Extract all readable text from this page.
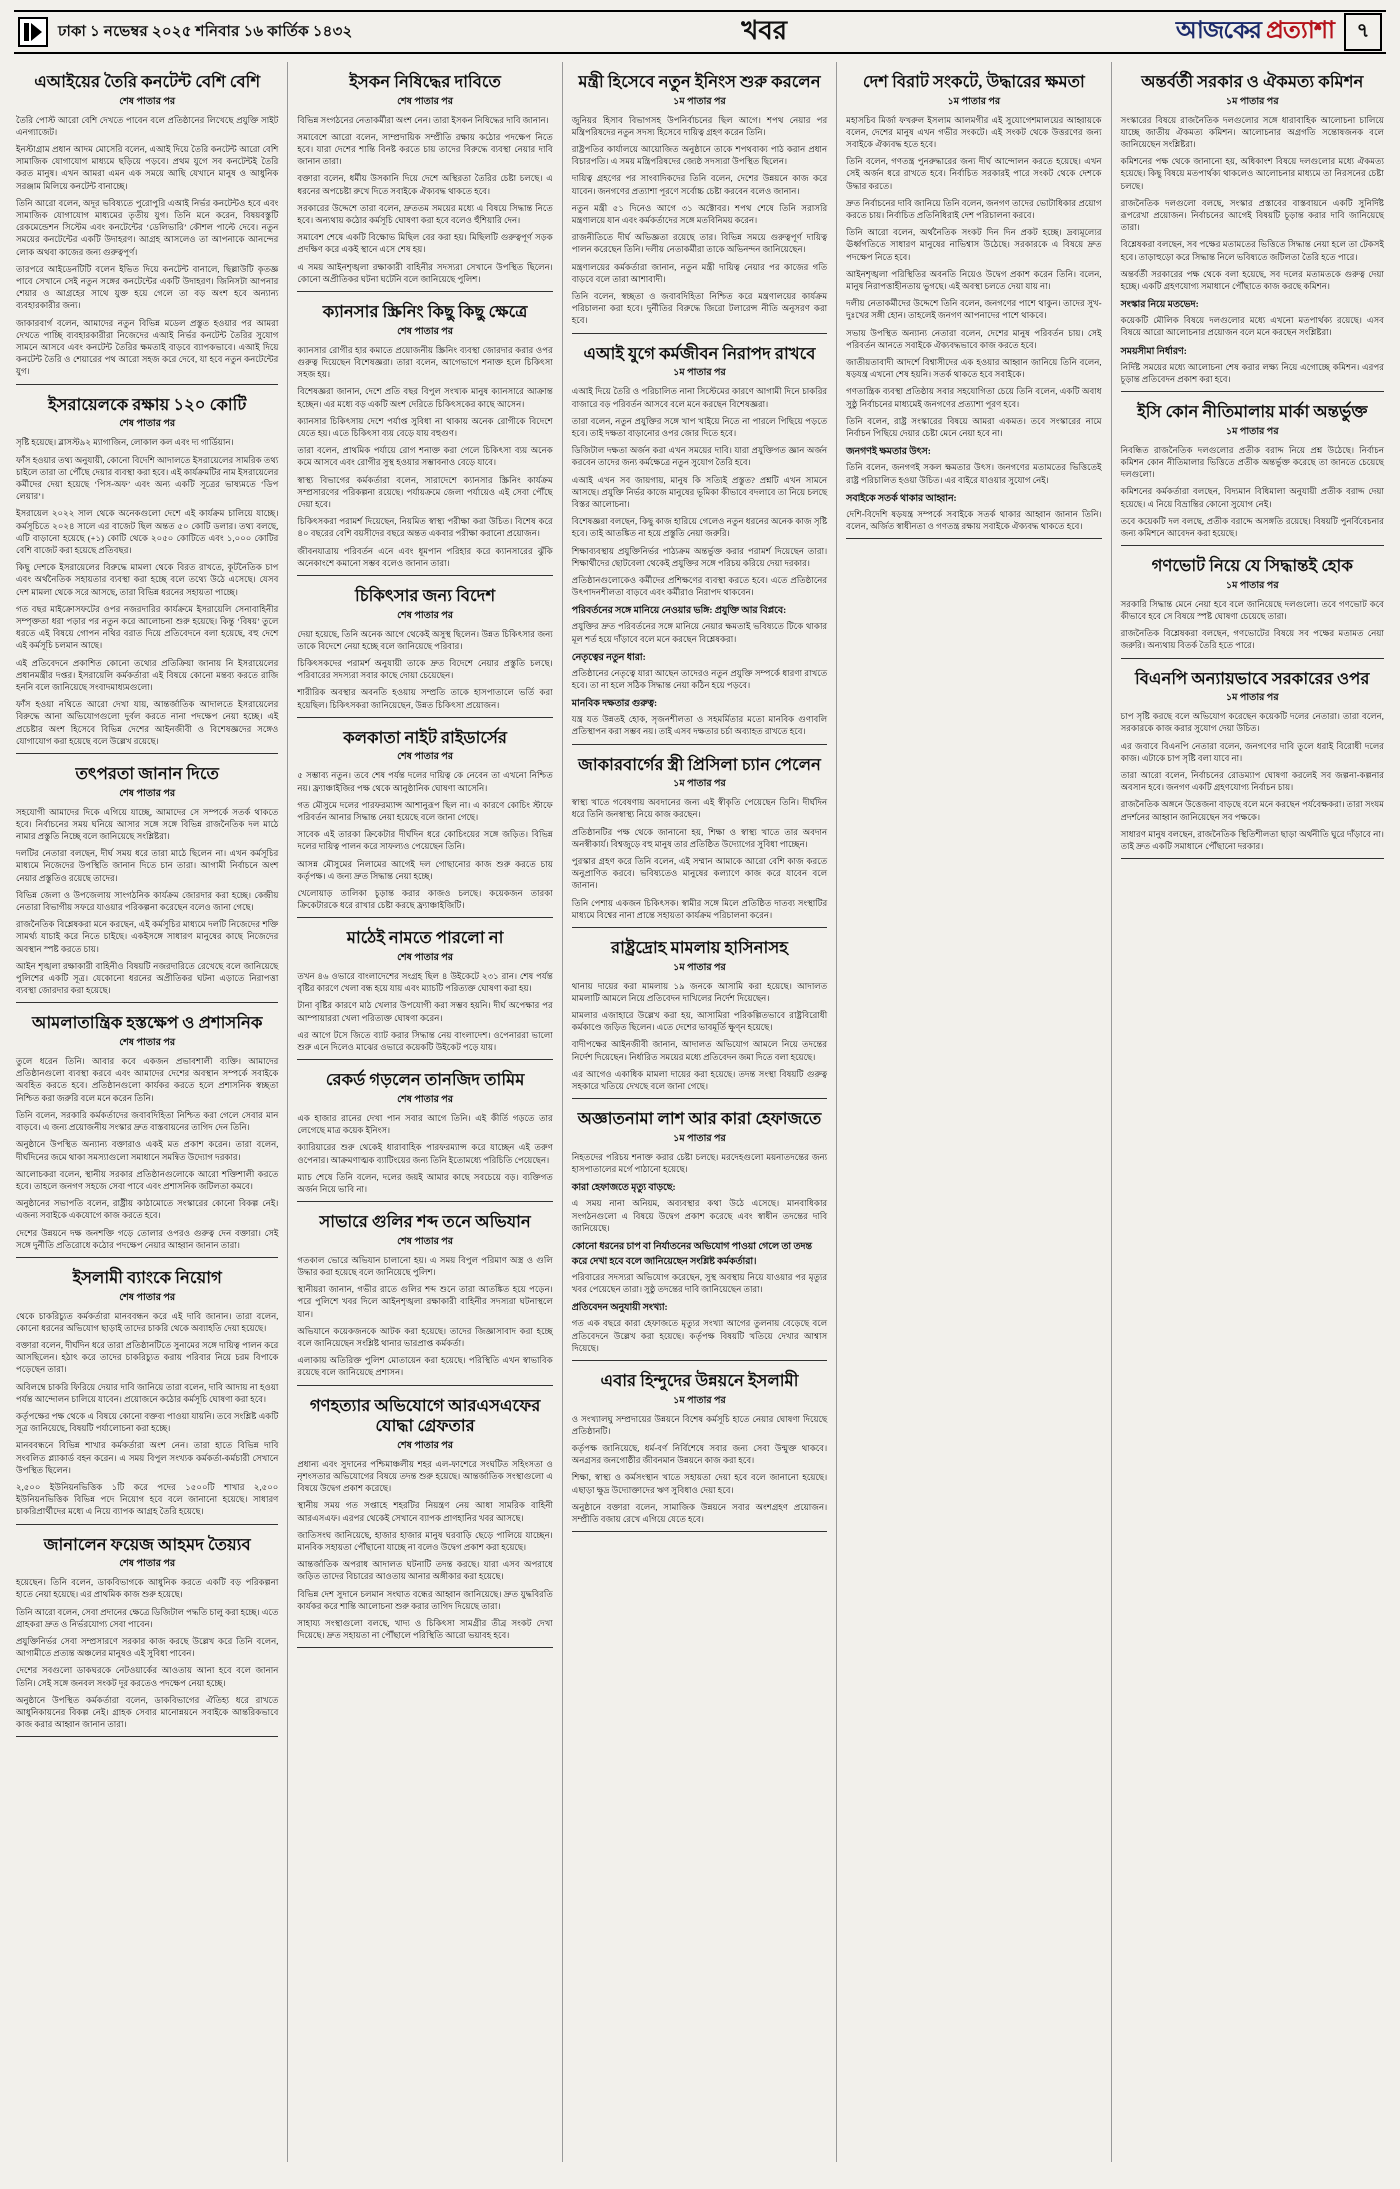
ঢাকা ১ নভেম্বর ২০২৫ শনিবার ১৬ কার্তিক ১৪৩২	খবর	আজকের প্রত্যাশা	৭
এআইয়ের তৈরি কনটেন্ট বেশি বেশি
শেষ পাতার পর

তৈরি পোস্ট আরো বেশি দেখতে পাবেন বলে প্রতিষ্ঠানের লিখেছে প্রযুক্তি সাইট এনগ্যাজেট।

ইনস্টাগ্রাম প্রধান আদম মোসেরি বলেন, এআই দিয়ে তৈরি কনটেন্ট আরো বেশি সামাজিক যোগাযোগ মাধ্যমে ছড়িয়ে পড়বে। প্রথম যুগে সব কনটেন্টই তৈরি করত মানুষ। এখন আমরা এমন এক সময়ে আছি যেখানে মানুষ ও আধুনিক সরঞ্জাম মিলিয়ে কনটেন্ট বানাচ্ছে।

তিনি আরো বলেন, অদূর ভবিষ্যতে পুরোপুরি এআই নির্ভর কনটেন্টও হবে এবং সামাজিক যোগাযোগ মাধ্যমের তৃতীয় যুগ। তিনি মনে করেন, বিষয়বস্তুটি রেকমেন্ডেশন সিস্টেম এবং কনটেন্টের ‘ডেলিভারি’ কৌশল পাল্টে দেবে। নতুন সময়ের কনটেন্টের একটি উদাহরণ। আগ্রহ আসলেও তা আপনাকে আনন্দের লোক অথবা কাজের জন্য গুরুত্বপূর্ণ।

তারপরে আইডেনটিটি বলেন ইভিত দিয়ে কনটেন্ট বানালে, ছিল্লাউটি কৃতজ্ঞ পাবে সেখানে সেই নতুন সঙ্গের কনটেন্টের একটি উদাহরণ। জিনিসটা আপনার শেয়ার ও আগ্রহের সাথে যুক্ত হয়ে গেলে তা বড় অংশ হবে অন্যান্য ব্যবহারকারীর জন্য।

জাকারবার্গ বলেন, আমাদের নতুন বিভিন্ন মডেল প্রস্তুত হওয়ার পর আমরা দেখতে পাচ্ছি ব্যবহারকারীরা নিজেদের এআই নির্ভর কনটেন্ট তৈরির সুযোগ সামনে আসবে এবং কনটেন্ট তৈরির ক্ষমতাই বাড়বে ব্যাপকভাবে। এআই দিয়ে কনটেন্ট তৈরি ও শেয়ারের পথ আরো সহজ করে দেবে, যা হবে নতুন কনটেন্টের যুগ।

ইসরায়েলকে রক্ষায় ১২০ কোটি
শেষ পাতার পর

সৃষ্টি হয়েছে। ব্লাসস্ট৯২ ম্যাগাজিন, লোকাল কল এবং দ্য গার্ডিয়ান।

ফাঁস হওয়ার তথ্য অনুযায়ী, কোনো বিদেশি আদালতে ইসরায়েলের সামরিক তথ্য চাইলে তারা তা পৌঁছে দেয়ার ব্যবস্থা করা হবে। এই কার্যক্রমটির নাম ইসরায়েলের কর্মীদের দেয়া হয়েছে ‘পিস-অফ’ এবং অন্য একটি সূত্রের ভাষ্যমতে ‘ডিপ লেয়ার’।

ইসরায়েল ২০২২ সাল থেকে অনেকগুলো দেশে এই কার্যক্রম চালিয়ে যাচ্ছে। কর্মসূচিতে ২০২৪ সালে এর বাজেট ছিল অন্তত ৫০ কোটি ডলার। তথ্য বলছে, এটি বাড়ানো হয়েছে (+১) কোটি থেকে ২০৫০ কোটিতে এবং ১,০০০ কোটির বেশি বাজেট করা হয়েছে প্রতিবছর।

কিছু দেশকে ইসরায়েলের বিরুদ্ধে মামলা থেকে বিরত রাখতে, কূটনৈতিক চাপ এবং অর্থনৈতিক সহায়তার ব্যবস্থা করা হচ্ছে বলে তথ্যে উঠে এসেছে। যেসব দেশ মামলা থেকে সরে আসছে, তারা বিভিন্ন ধরনের সহায়তা পাচ্ছে।

গত বছর মাইক্রোসফটের ওপর নজরদারির কার্যক্রমে ইসরায়েলি সেনাবাহিনীর সম্পৃক্ততা ধরা পড়ার পর নতুন করে আলোচনা শুরু হয়েছে। কিন্তু ‘বিষয়’ তুলে ধরতে এই বিষয়ে গোপন নথির বরাত দিয়ে প্রতিবেদনে বলা হয়েছে, বহু দেশে এই কর্মসূচি চলমান আছে।

এই প্রতিবেদনে প্রকাশিত কোনো তথ্যের প্রতিক্রিয়া জানায় নি ইসরায়েলের প্রধানমন্ত্রীর দপ্তর। ইসরায়েলি কর্মকর্তারা এই বিষয়ে কোনো মন্তব্য করতে রাজি হননি বলে জানিয়েছে সংবাদমাধ্যমগুলো।

ফাঁস হওয়া নথিতে আরো দেখা যায়, আন্তর্জাতিক আদালতে ইসরায়েলের বিরুদ্ধে আনা অভিযোগগুলো দুর্বল করতে নানা পদক্ষেপ নেয়া হচ্ছে। এই প্রচেষ্টার অংশ হিসেবে বিভিন্ন দেশের আইনজীবী ও বিশেষজ্ঞদের সঙ্গেও যোগাযোগ করা হয়েছে বলে উল্লেখ রয়েছে।

তৎপরতা জানান দিতে
শেষ পাতার পর

সহযোগী আমাদের দিকে এগিয়ে যাচ্ছে, আমাদের সে সম্পর্কে সতর্ক থাকতে হবে। নির্বাচনের সময় ঘনিয়ে আসার সঙ্গে সঙ্গে বিভিন্ন রাজনৈতিক দল মাঠে নামার প্রস্তুতি নিচ্ছে বলে জানিয়েছে সংশ্লিষ্টরা।

দলটির নেতারা বলছেন, দীর্ঘ সময় ধরে তারা মাঠে ছিলেন না। এখন কর্মসূচির মাধ্যমে নিজেদের উপস্থিতি জানান দিতে চান তারা। আগামী নির্বাচনে অংশ নেয়ার প্রস্তুতিও রয়েছে তাদের।

বিভিন্ন জেলা ও উপজেলায় সাংগঠনিক কার্যক্রম জোরদার করা হচ্ছে। কেন্দ্রীয় নেতারা বিভাগীয় সফরে যাওয়ার পরিকল্পনা করেছেন বলেও জানা গেছে।

রাজনৈতিক বিশ্লেষকরা মনে করছেন, এই কর্মসূচির মাধ্যমে দলটি নিজেদের শক্তি সামর্থ্য যাচাই করে নিতে চাইছে। একইসঙ্গে সাধারণ মানুষের কাছে নিজেদের অবস্থান স্পষ্ট করতে চায়।

আইন শৃঙ্খলা রক্ষাকারী বাহিনীও বিষয়টি নজরদারিতে রেখেছে বলে জানিয়েছে পুলিশের একটি সূত্র। যেকোনো ধরনের অপ্রীতিকর ঘটনা এড়াতে নিরাপত্তা ব্যবস্থা জোরদার করা হয়েছে।

আমলাতান্ত্রিক হস্তক্ষেপ ও প্রশাসনিক
শেষ পাতার পর

তুলে ধরেন তিনি। আবার কবে একজন প্রভাবশালী ব্যক্তি। আমাদের প্রতিষ্ঠানগুলো ব্যবস্থা করবে এবং আমাদের দেশের অবস্থান সম্পর্কে সবাইকে অবহিত করতে হবে। প্রতিষ্ঠানগুলো কার্যকর করতে হলে প্রশাসনিক স্বচ্ছতা নিশ্চিত করা জরুরি বলে মনে করেন তিনি।

তিনি বলেন, সরকারি কর্মকর্তাদের জবাবদিহিতা নিশ্চিত করা গেলে সেবার মান বাড়বে। এ জন্য প্রয়োজনীয় সংস্কার দ্রুত বাস্তবায়নের তাগিদ দেন তিনি।

অনুষ্ঠানে উপস্থিত অন্যান্য বক্তারাও একই মত প্রকাশ করেন। তারা বলেন, দীর্ঘদিনের জমে থাকা সমস্যাগুলো সমাধানে সমন্বিত উদ্যোগ দরকার।

আলোচকরা বলেন, স্থানীয় সরকার প্রতিষ্ঠানগুলোকে আরো শক্তিশালী করতে হবে। তাহলে জনগণ সহজে সেবা পাবে এবং প্রশাসনিক জটিলতা কমবে।

অনুষ্ঠানের সভাপতি বলেন, রাষ্ট্রীয় কাঠামোতে সংস্কারের কোনো বিকল্প নেই। এজন্য সবাইকে একযোগে কাজ করতে হবে।

দেশের উন্নয়নে দক্ষ জনশক্তি গড়ে তোলার ওপরও গুরুত্ব দেন বক্তারা। সেই সঙ্গে দুর্নীতি প্রতিরোধে কঠোর পদক্ষেপ নেয়ার আহ্বান জানান তারা।

ইসলামী ব্যাংকে নিয়োগ
শেষ পাতার পর

থেকে চাকরিচ্যুত কর্মকর্তারা মানববন্ধন করে এই দাবি জানান। তারা বলেন, কোনো ধরনের অভিযোগ ছাড়াই তাদের চাকরি থেকে অব্যাহতি দেয়া হয়েছে।

বক্তারা বলেন, দীর্ঘদিন ধরে তারা প্রতিষ্ঠানটিতে সুনামের সঙ্গে দায়িত্ব পালন করে আসছিলেন। হঠাৎ করে তাদের চাকরিচ্যুত করায় পরিবার নিয়ে চরম বিপাকে পড়েছেন তারা।

অবিলম্বে চাকরি ফিরিয়ে দেয়ার দাবি জানিয়ে তারা বলেন, দাবি আদায় না হওয়া পর্যন্ত আন্দোলন চালিয়ে যাবেন। প্রয়োজনে কঠোর কর্মসূচি ঘোষণা করা হবে।

কর্তৃপক্ষের পক্ষ থেকে এ বিষয়ে কোনো বক্তব্য পাওয়া যায়নি। তবে সংশ্লিষ্ট একটি সূত্র জানিয়েছে, বিষয়টি পর্যালোচনা করা হচ্ছে।

মানববন্ধনে বিভিন্ন শাখার কর্মকর্তারা অংশ নেন। তারা হাতে বিভিন্ন দাবি সংবলিত প্ল্যাকার্ড বহন করেন। এ সময় বিপুল সংখ্যক কর্মকর্তা-কর্মচারী সেখানে উপস্থিত ছিলেন।

২,৫০০ ইউনিয়নভিত্তিক ১টি করে পদের ১৫০০টি শাখার ২,৫০০ ইউনিয়নভিত্তিক বিভিন্ন পদে নিয়োগ হবে বলে জানানো হয়েছে। সাধারণ চাকরিপ্রার্থীদের মধ্যে এ নিয়ে ব্যাপক আগ্রহ তৈরি হয়েছে।

জানালেন ফয়েজ আহমদ তৈয়্যব
শেষ পাতার পর

হয়েছেন। তিনি বলেন, ডাকবিভাগকে আধুনিক করতে একটি বড় পরিকল্পনা হাতে নেয়া হয়েছে। এর প্রাথমিক কাজ শুরু হয়েছে।

তিনি আরো বলেন, সেবা প্রদানের ক্ষেত্রে ডিজিটাল পদ্ধতি চালু করা হচ্ছে। এতে গ্রাহকরা দ্রুত ও নির্ভরযোগ্য সেবা পাবেন।

প্রযুক্তিনির্ভর সেবা সম্প্রসারণে সরকার কাজ করছে উল্লেখ করে তিনি বলেন, আগামীতে প্রত্যন্ত অঞ্চলের মানুষও এই সুবিধা পাবেন।

দেশের সবগুলো ডাকঘরকে নেটওয়ার্কের আওতায় আনা হবে বলে জানান তিনি। সেই সঙ্গে জনবল সংকট দূর করতেও পদক্ষেপ নেয়া হচ্ছে।

অনুষ্ঠানে উপস্থিত কর্মকর্তারা বলেন, ডাকবিভাগের ঐতিহ্য ধরে রাখতে আধুনিকায়নের বিকল্প নেই। গ্রাহক সেবার মানোন্নয়নে সবাইকে আন্তরিকভাবে কাজ করার আহ্বান জানান তারা।

ইসকন নিষিদ্ধের দাবিতে
শেষ পাতার পর

বিভিন্ন সংগঠনের নেতাকর্মীরা অংশ নেন। তারা ইসকন নিষিদ্ধের দাবি জানান।

সমাবেশে আরো বলেন, সাম্প্রদায়িক সম্প্রীতি রক্ষায় কঠোর পদক্ষেপ নিতে হবে। যারা দেশের শান্তি বিনষ্ট করতে চায় তাদের বিরুদ্ধে ব্যবস্থা নেয়ার দাবি জানান তারা।

বক্তারা বলেন, ধর্মীয় উসকানি দিয়ে দেশে অস্থিরতা তৈরির চেষ্টা চলছে। এ ধরনের অপচেষ্টা রুখে দিতে সবাইকে ঐক্যবদ্ধ থাকতে হবে।

সরকারের উদ্দেশে তারা বলেন, দ্রুততম সময়ের মধ্যে এ বিষয়ে সিদ্ধান্ত নিতে হবে। অন্যথায় কঠোর কর্মসূচি ঘোষণা করা হবে বলেও হুঁশিয়ারি দেন।

সমাবেশ শেষে একটি বিক্ষোভ মিছিল বের করা হয়। মিছিলটি গুরুত্বপূর্ণ সড়ক প্রদক্ষিণ করে একই স্থানে এসে শেষ হয়।

এ সময় আইনশৃঙ্খলা রক্ষাকারী বাহিনীর সদস্যরা সেখানে উপস্থিত ছিলেন। কোনো অপ্রীতিকর ঘটনা ঘটেনি বলে জানিয়েছে পুলিশ।

ক্যানসার স্ক্রিনিং কিছু কিছু ক্ষেত্রে
শেষ পাতার পর

ক্যানসার রোগীর হার কমাতে প্রয়োজনীয় স্ক্রিনিং ব্যবস্থা জোরদার করার ওপর গুরুত্ব দিয়েছেন বিশেষজ্ঞরা। তারা বলেন, আগেভাগে শনাক্ত হলে চিকিৎসা সহজ হয়।

বিশেষজ্ঞরা জানান, দেশে প্রতি বছর বিপুল সংখ্যক মানুষ ক্যানসারে আক্রান্ত হচ্ছেন। এর মধ্যে বড় একটি অংশ দেরিতে চিকিৎসকের কাছে আসেন।

ক্যানসার চিকিৎসায় দেশে পর্যাপ্ত সুবিধা না থাকায় অনেক রোগীকে বিদেশে যেতে হয়। এতে চিকিৎসা ব্যয় বেড়ে যায় বহুগুণ।

তারা বলেন, প্রাথমিক পর্যায়ে রোগ শনাক্ত করা গেলে চিকিৎসা ব্যয় অনেক কমে আসবে এবং রোগীর সুস্থ হওয়ার সম্ভাবনাও বেড়ে যাবে।

স্বাস্থ্য বিভাগের কর্মকর্তারা বলেন, সারাদেশে ক্যানসার স্ক্রিনিং কার্যক্রম সম্প্রসারণের পরিকল্পনা রয়েছে। পর্যায়ক্রমে জেলা পর্যায়েও এই সেবা পৌঁছে দেয়া হবে।

চিকিৎসকরা পরামর্শ দিয়েছেন, নিয়মিত স্বাস্থ্য পরীক্ষা করা উচিত। বিশেষ করে ৪০ বছরের বেশি বয়সীদের বছরে অন্তত একবার পরীক্ষা করানো প্রয়োজন।

জীবনযাত্রায় পরিবর্তন এনে এবং ধূমপান পরিহার করে ক্যানসারের ঝুঁকি অনেকাংশে কমানো সম্ভব বলেও জানান তারা।

চিকিৎসার জন্য বিদেশ
শেষ পাতার পর

দেয়া হয়েছে, তিনি অনেক আগে থেকেই অসুস্থ ছিলেন। উন্নত চিকিৎসার জন্য তাকে বিদেশে নেয়া হচ্ছে বলে জানিয়েছে পরিবার।

চিকিৎসকদের পরামর্শ অনুযায়ী তাকে দ্রুত বিদেশে নেয়ার প্রস্তুতি চলছে। পরিবারের সদস্যরা সবার কাছে দোয়া চেয়েছেন।

শারীরিক অবস্থার অবনতি হওয়ায় সম্প্রতি তাকে হাসপাতালে ভর্তি করা হয়েছিল। চিকিৎসকরা জানিয়েছেন, উন্নত চিকিৎসা প্রয়োজন।

কলকাতা নাইট রাইডার্সের
শেষ পাতার পর

৫ সম্ভাব্য নতুন। তবে শেষ পর্যন্ত দলের দায়িত্ব কে নেবেন তা এখনো নিশ্চিত নয়। ফ্র্যাঞ্চাইজির পক্ষ থেকে আনুষ্ঠানিক ঘোষণা আসেনি।

গত মৌসুমে দলের পারফরম্যান্স আশানুরূপ ছিল না। এ কারণে কোচিং স্টাফে পরিবর্তন আনার সিদ্ধান্ত নেয়া হয়েছে বলে জানা গেছে।

সাবেক এই তারকা ক্রিকেটার দীর্ঘদিন ধরে কোচিংয়ের সঙ্গে জড়িত। বিভিন্ন দলের দায়িত্ব পালন করে সাফল্যও পেয়েছেন তিনি।

আসন্ন মৌসুমের নিলামের আগেই দল গোছানোর কাজ শুরু করতে চায় কর্তৃপক্ষ। এ জন্য দ্রুত সিদ্ধান্ত নেয়া হচ্ছে।

খেলোয়াড় তালিকা চূড়ান্ত করার কাজও চলছে। কয়েকজন তারকা ক্রিকেটারকে ধরে রাখার চেষ্টা করছে ফ্র্যাঞ্চাইজিটি।

মাঠেই নামতে পারলো না
শেষ পাতার পর

তখন ৪৬ ওভারে বাংলাদেশের সংগ্রহ ছিল ৪ উইকেটে ২৩১ রান। শেষ পর্যন্ত বৃষ্টির কারণে খেলা বন্ধ হয়ে যায় এবং ম্যাচটি পরিত্যক্ত ঘোষণা করা হয়।

টানা বৃষ্টির কারণে মাঠ খেলার উপযোগী করা সম্ভব হয়নি। দীর্ঘ অপেক্ষার পর আম্পায়াররা খেলা পরিত্যক্ত ঘোষণা করেন।

এর আগে টসে জিতে ব্যাট করার সিদ্ধান্ত নেয় বাংলাদেশ। ওপেনাররা ভালো শুরু এনে দিলেও মাঝের ওভারে কয়েকটি উইকেট পড়ে যায়।

রেকর্ড গড়লেন তানজিদ তামিম
শেষ পাতার পর

এক হাজার রানের দেখা পান সবার আগে তিনি। এই কীর্তি গড়তে তার লেগেছে মাত্র কয়েক ইনিংস।

ক্যারিয়ারের শুরু থেকেই ধারাবাহিক পারফরম্যান্স করে যাচ্ছেন এই তরুণ ওপেনার। আক্রমণাত্মক ব্যাটিংয়ের জন্য তিনি ইতোমধ্যে পরিচিতি পেয়েছেন।

ম্যাচ শেষে তিনি বলেন, দলের জয়ই আমার কাছে সবচেয়ে বড়। ব্যক্তিগত অর্জন নিয়ে ভাবি না।

সাভারে গুলির শব্দ তনে অভিযান
শেষ পাতার পর

গতকাল ভোরে অভিযান চালানো হয়। এ সময় বিপুল পরিমাণ অস্ত্র ও গুলি উদ্ধার করা হয়েছে বলে জানিয়েছে পুলিশ।

স্থানীয়রা জানান, গভীর রাতে গুলির শব্দ শুনে তারা আতঙ্কিত হয়ে পড়েন। পরে পুলিশে খবর দিলে আইনশৃঙ্খলা রক্ষাকারী বাহিনীর সদস্যরা ঘটনাস্থলে যান।

অভিযানে কয়েকজনকে আটক করা হয়েছে। তাদের জিজ্ঞাসাবাদ করা হচ্ছে বলে জানিয়েছেন সংশ্লিষ্ট থানার ভারপ্রাপ্ত কর্মকর্তা।

এলাকায় অতিরিক্ত পুলিশ মোতায়েন করা হয়েছে। পরিস্থিতি এখন স্বাভাবিক রয়েছে বলে জানিয়েছে প্রশাসন।

গণহত্যার অভিযোগে আরএসএফের যোদ্ধা গ্রেফতার
শেষ পাতার পর

প্রধান্য এবং সুদানের পশ্চিমাঞ্চলীয় শহর এল-ফাশেরে সংঘটিত সহিংসতা ও নৃশংসতার অভিযোগের বিষয়ে তদন্ত শুরু হয়েছে। আন্তর্জাতিক সংস্থাগুলো এ বিষয়ে উদ্বেগ প্রকাশ করেছে।

স্থানীয় সময় গত সপ্তাহে শহরটির নিয়ন্ত্রণ নেয় আধা সামরিক বাহিনী আরএসএফ। এরপর থেকেই সেখানে ব্যাপক প্রাণহানির খবর আসছে।

জাতিসংঘ জানিয়েছে, হাজার হাজার মানুষ ঘরবাড়ি ছেড়ে পালিয়ে যাচ্ছেন। মানবিক সহায়তা পৌঁছানো যাচ্ছে না বলেও উদ্বেগ প্রকাশ করা হয়েছে।

আন্তর্জাতিক অপরাধ আদালত ঘটনাটি তদন্ত করছে। যারা এসব অপরাধে জড়িত তাদের বিচারের আওতায় আনার অঙ্গীকার করা হয়েছে।

বিভিন্ন দেশ সুদানে চলমান সংঘাত বন্ধের আহ্বান জানিয়েছে। দ্রুত যুদ্ধবিরতি কার্যকর করে শান্তি আলোচনা শুরু করার তাগিদ দিয়েছে তারা।

সাহায্য সংস্থাগুলো বলছে, খাদ্য ও চিকিৎসা সামগ্রীর তীব্র সংকট দেখা দিয়েছে। দ্রুত সহায়তা না পৌঁছালে পরিস্থিতি আরো ভয়াবহ হবে।

মন্ত্রী হিসেবে নতুন ইনিংস শুরু করলেন
১ম পাতার পর

জুনিয়র হিসাব বিভাগসহ উপনির্বাচনের ছিল আগে। শপথ নেয়ার পর মন্ত্রিপরিষদের নতুন সদস্য হিসেবে দায়িত্ব গ্রহণ করেন তিনি।

রাষ্ট্রপতির কার্যালয়ে আয়োজিত অনুষ্ঠানে তাকে শপথবাক্য পাঠ করান প্রধান বিচারপতি। এ সময় মন্ত্রিপরিষদের জ্যেষ্ঠ সদস্যরা উপস্থিত ছিলেন।

দায়িত্ব গ্রহণের পর সাংবাদিকদের তিনি বলেন, দেশের উন্নয়নে কাজ করে যাবেন। জনগণের প্রত্যাশা পূরণে সর্বোচ্চ চেষ্টা করবেন বলেও জানান।

নতুন মন্ত্রী ৫১ দিনেও আগে ৩১ অক্টোবর। শপথ শেষে তিনি সরাসরি মন্ত্রণালয়ে যান এবং কর্মকর্তাদের সঙ্গে মতবিনিময় করেন।

রাজনীতিতে দীর্ঘ অভিজ্ঞতা রয়েছে তার। বিভিন্ন সময়ে গুরুত্বপূর্ণ দায়িত্ব পালন করেছেন তিনি। দলীয় নেতাকর্মীরা তাকে অভিনন্দন জানিয়েছেন।

মন্ত্রণালয়ের কর্মকর্তারা জানান, নতুন মন্ত্রী দায়িত্ব নেয়ার পর কাজের গতি বাড়বে বলে তারা আশাবাদী।

তিনি বলেন, স্বচ্ছতা ও জবাবদিহিতা নিশ্চিত করে মন্ত্রণালয়ের কার্যক্রম পরিচালনা করা হবে। দুর্নীতির বিরুদ্ধে জিরো টলারেন্স নীতি অনুসরণ করা হবে।

এআই যুগে কর্মজীবন নিরাপদ রাখবে
১ম পাতার পর

এআই দিয়ে তৈরি ও পরিচালিত নানা সিস্টেমের কারণে আগামী দিনে চাকরির বাজারে বড় পরিবর্তন আসবে বলে মনে করছেন বিশেষজ্ঞরা।

তারা বলেন, নতুন প্রযুক্তির সঙ্গে খাপ খাইয়ে নিতে না পারলে পিছিয়ে পড়তে হবে। তাই দক্ষতা বাড়ানোর ওপর জোর দিতে হবে।

ডিজিটাল দক্ষতা অর্জন করা এখন সময়ের দাবি। যারা প্রযুক্তিগত জ্ঞান অর্জন করবেন তাদের জন্য কর্মক্ষেত্রে নতুন সুযোগ তৈরি হবে।

এআই এখন সব জায়গায়, মানুষ কি সত্যিই প্রস্তুত? প্রশ্নটি এখন সামনে আসছে। প্রযুক্তি নির্ভর কাজে মানুষের ভূমিকা কীভাবে বদলাবে তা নিয়ে চলছে বিস্তর আলোচনা।

বিশেষজ্ঞরা বলছেন, কিছু কাজ হারিয়ে গেলেও নতুন ধরনের অনেক কাজ সৃষ্টি হবে। তাই আতঙ্কিত না হয়ে প্রস্তুতি নেয়া জরুরি।

শিক্ষাব্যবস্থায় প্রযুক্তিনির্ভর পাঠ্যক্রম অন্তর্ভুক্ত করার পরামর্শ দিয়েছেন তারা। শিক্ষার্থীদের ছোটবেলা থেকেই প্রযুক্তির সঙ্গে পরিচয় করিয়ে দেয়া দরকার।

প্রতিষ্ঠানগুলোকেও কর্মীদের প্রশিক্ষণের ব্যবস্থা করতে হবে। এতে প্রতিষ্ঠানের উৎপাদনশীলতা বাড়বে এবং কর্মীরাও নিরাপদ থাকবেন।

পরিবর্তনের সঙ্গে মানিয়ে নেওয়ার ভঙ্গি: প্রযুক্তি আর বিপ্লবে:

প্রযুক্তির দ্রুত পরিবর্তনের সঙ্গে মানিয়ে নেয়ার ক্ষমতাই ভবিষ্যতে টিকে থাকার মূল শর্ত হয়ে দাঁড়াবে বলে মনে করছেন বিশ্লেষকরা।

নেতৃত্বের নতুন ধারা:

প্রতিষ্ঠানের নেতৃত্বে যারা আছেন তাদেরও নতুন প্রযুক্তি সম্পর্কে ধারণা রাখতে হবে। তা না হলে সঠিক সিদ্ধান্ত নেয়া কঠিন হয়ে পড়বে।

মানবিক দক্ষতার গুরুত্ব:

যন্ত্র যত উন্নতই হোক, সৃজনশীলতা ও সহমর্মিতার মতো মানবিক গুণাবলি প্রতিস্থাপন করা সম্ভব নয়। তাই এসব দক্ষতার চর্চা অব্যাহত রাখতে হবে।

জাকারবার্গের স্ত্রী প্রিসিলা চ্যান পেলেন
১ম পাতার পর

স্বাস্থ্য খাতে গবেষণায় অবদানের জন্য এই স্বীকৃতি পেয়েছেন তিনি। দীর্ঘদিন ধরে তিনি জনস্বাস্থ্য নিয়ে কাজ করছেন।

প্রতিষ্ঠানটির পক্ষ থেকে জানানো হয়, শিক্ষা ও স্বাস্থ্য খাতে তার অবদান অনস্বীকার্য। বিশ্বজুড়ে বহু মানুষ তার প্রতিষ্ঠিত উদ্যোগের সুবিধা পাচ্ছেন।

পুরস্কার গ্রহণ করে তিনি বলেন, এই সম্মান আমাকে আরো বেশি কাজ করতে অনুপ্রাণিত করবে। ভবিষ্যতেও মানুষের কল্যাণে কাজ করে যাবেন বলে জানান।

তিনি পেশায় একজন চিকিৎসক। স্বামীর সঙ্গে মিলে প্রতিষ্ঠিত দাতব্য সংস্থাটির মাধ্যমে বিশ্বের নানা প্রান্তে সহায়তা কার্যক্রম পরিচালনা করেন।

রাষ্ট্রদ্রোহ মামলায় হাসিনাসহ
১ম পাতার পর

থানায় দায়ের করা মামলায় ১৯ জনকে আসামি করা হয়েছে। আদালত মামলাটি আমলে নিয়ে প্রতিবেদন দাখিলের নির্দেশ দিয়েছেন।

মামলার এজাহারে উল্লেখ করা হয়, আসামিরা পরিকল্পিতভাবে রাষ্ট্রবিরোধী কর্মকাণ্ডে জড়িত ছিলেন। এতে দেশের ভাবমূর্তি ক্ষুণ্ন হয়েছে।

বাদীপক্ষের আইনজীবী জানান, আদালত অভিযোগ আমলে নিয়ে তদন্তের নির্দেশ দিয়েছেন। নির্ধারিত সময়ের মধ্যে প্রতিবেদন জমা দিতে বলা হয়েছে।

এর আগেও একাধিক মামলা দায়ের করা হয়েছে। তদন্ত সংস্থা বিষয়টি গুরুত্ব সহকারে খতিয়ে দেখছে বলে জানা গেছে।

অজ্ঞাতনামা লাশ আর কারা হেফাজতে
১ম পাতার পর

নিহতদের পরিচয় শনাক্ত করার চেষ্টা চলছে। মরদেহগুলো ময়নাতদন্তের জন্য হাসপাতালের মর্গে পাঠানো হয়েছে।

কারা হেফাজতে মৃত্যু বাড়ছে:

এ সময় নানা অনিয়ম, অব্যবস্থার কথা উঠে এসেছে। মানবাধিকার সংগঠনগুলো এ বিষয়ে উদ্বেগ প্রকাশ করেছে এবং স্বাধীন তদন্তের দাবি জানিয়েছে।

কোনো ধরনের চাপ বা নির্যাতনের অভিযোগ পাওয়া গেলে তা তদন্ত করে দেখা হবে বলে জানিয়েছেন সংশ্লিষ্ট কর্মকর্তারা।

পরিবারের সদস্যরা অভিযোগ করেছেন, সুস্থ অবস্থায় নিয়ে যাওয়ার পর মৃত্যুর খবর পেয়েছেন তারা। সুষ্ঠু তদন্তের দাবি জানিয়েছেন তারা।

প্রতিবেদন অনুযায়ী সংখ্যা:

গত এক বছরে কারা হেফাজতে মৃত্যুর সংখ্যা আগের তুলনায় বেড়েছে বলে প্রতিবেদনে উল্লেখ করা হয়েছে। কর্তৃপক্ষ বিষয়টি খতিয়ে দেখার আশ্বাস দিয়েছে।

এবার হিন্দুদের উন্নয়নে ইসলামী
১ম পাতার পর

ও সংখ্যালঘু সম্প্রদায়ের উন্নয়নে বিশেষ কর্মসূচি হাতে নেয়ার ঘোষণা দিয়েছে প্রতিষ্ঠানটি।

কর্তৃপক্ষ জানিয়েছে, ধর্ম-বর্ণ নির্বিশেষে সবার জন্য সেবা উন্মুক্ত থাকবে। অনগ্রসর জনগোষ্ঠীর জীবনমান উন্নয়নে কাজ করা হবে।

শিক্ষা, স্বাস্থ্য ও কর্মসংস্থান খাতে সহায়তা দেয়া হবে বলে জানানো হয়েছে। এছাড়া ক্ষুদ্র উদ্যোক্তাদের ঋণ সুবিধাও দেয়া হবে।

অনুষ্ঠানে বক্তারা বলেন, সামাজিক উন্নয়নে সবার অংশগ্রহণ প্রয়োজন। সম্প্রীতি বজায় রেখে এগিয়ে যেতে হবে।

দেশ বিরাট সংকটে, উদ্ধারের ক্ষমতা
১ম পাতার পর

মহাসচিব মির্জা ফখরুল ইসলাম আলমগীর এই সুযোগেশমালয়ের আহ্বায়কে বলেন, দেশের মানুষ এখন গভীর সংকটে। এই সংকট থেকে উত্তরণের জন্য সবাইকে ঐক্যবদ্ধ হতে হবে।

তিনি বলেন, গণতন্ত্র পুনরুদ্ধারের জন্য দীর্ঘ আন্দোলন করতে হয়েছে। এখন সেই অর্জন ধরে রাখতে হবে। নির্বাচিত সরকারই পারে সংকট থেকে দেশকে উদ্ধার করতে।

দ্রুত নির্বাচনের দাবি জানিয়ে তিনি বলেন, জনগণ তাদের ভোটাধিকার প্রয়োগ করতে চায়। নির্বাচিত প্রতিনিধিরাই দেশ পরিচালনা করবে।

তিনি আরো বলেন, অর্থনৈতিক সংকট দিন দিন প্রকট হচ্ছে। দ্রব্যমূল্যের ঊর্ধ্বগতিতে সাধারণ মানুষের নাভিশ্বাস উঠেছে। সরকারকে এ বিষয়ে দ্রুত পদক্ষেপ নিতে হবে।

আইনশৃঙ্খলা পরিস্থিতির অবনতি নিয়েও উদ্বেগ প্রকাশ করেন তিনি। বলেন, মানুষ নিরাপত্তাহীনতায় ভুগছে। এই অবস্থা চলতে দেয়া যায় না।

দলীয় নেতাকর্মীদের উদ্দেশে তিনি বলেন, জনগণের পাশে থাকুন। তাদের সুখ-দুঃখের সঙ্গী হোন। তাহলেই জনগণ আপনাদের পাশে থাকবে।

সভায় উপস্থিত অন্যান্য নেতারা বলেন, দেশের মানুষ পরিবর্তন চায়। সেই পরিবর্তন আনতে সবাইকে ঐক্যবদ্ধভাবে কাজ করতে হবে।

জাতীয়তাবাদী আদর্শে বিশ্বাসীদের এক হওয়ার আহ্বান জানিয়ে তিনি বলেন, ষড়যন্ত্র এখনো শেষ হয়নি। সতর্ক থাকতে হবে সবাইকে।

গণতান্ত্রিক ব্যবস্থা প্রতিষ্ঠায় সবার সহযোগিতা চেয়ে তিনি বলেন, একটি অবাধ সুষ্ঠু নির্বাচনের মাধ্যমেই জনগণের প্রত্যাশা পূরণ হবে।

তিনি বলেন, রাষ্ট্র সংস্কারের বিষয়ে আমরা একমত। তবে সংস্কারের নামে নির্বাচন পিছিয়ে দেয়ার চেষ্টা মেনে নেয়া হবে না।

জনগণই ক্ষমতার উৎস:

তিনি বলেন, জনগণই সকল ক্ষমতার উৎস। জনগণের মতামতের ভিত্তিতেই রাষ্ট্র পরিচালিত হওয়া উচিত। এর বাইরে যাওয়ার সুযোগ নেই।

সবাইকে সতর্ক থাকার আহ্বান:

দেশি-বিদেশি ষড়যন্ত্র সম্পর্কে সবাইকে সতর্ক থাকার আহ্বান জানান তিনি। বলেন, অর্জিত স্বাধীনতা ও গণতন্ত্র রক্ষায় সবাইকে ঐক্যবদ্ধ থাকতে হবে।

অন্তর্বর্তী সরকার ও ঐকমত্য কমিশন
১ম পাতার পর

সংস্কারের বিষয়ে রাজনৈতিক দলগুলোর সঙ্গে ধারাবাহিক আলোচনা চালিয়ে যাচ্ছে জাতীয় ঐকমত্য কমিশন। আলোচনার অগ্রগতি সন্তোষজনক বলে জানিয়েছেন সংশ্লিষ্টরা।

কমিশনের পক্ষ থেকে জানানো হয়, অধিকাংশ বিষয়ে দলগুলোর মধ্যে ঐকমত্য হয়েছে। কিছু বিষয়ে মতপার্থক্য থাকলেও আলোচনার মাধ্যমে তা নিরসনের চেষ্টা চলছে।

রাজনৈতিক দলগুলো বলছে, সংস্কার প্রস্তাবের বাস্তবায়নে একটি সুনির্দিষ্ট রূপরেখা প্রয়োজন। নির্বাচনের আগেই বিষয়টি চূড়ান্ত করার দাবি জানিয়েছে তারা।

বিশ্লেষকরা বলছেন, সব পক্ষের মতামতের ভিত্তিতে সিদ্ধান্ত নেয়া হলে তা টেকসই হবে। তাড়াহুড়ো করে সিদ্ধান্ত নিলে ভবিষ্যতে জটিলতা তৈরি হতে পারে।

অন্তর্বর্তী সরকারের পক্ষ থেকে বলা হয়েছে, সব দলের মতামতকে গুরুত্ব দেয়া হচ্ছে। একটি গ্রহণযোগ্য সমাধানে পৌঁছাতে কাজ করছে কমিশন।

সংস্কার নিয়ে মতভেদ:

কয়েকটি মৌলিক বিষয়ে দলগুলোর মধ্যে এখনো মতপার্থক্য রয়েছে। এসব বিষয়ে আরো আলোচনার প্রয়োজন বলে মনে করছেন সংশ্লিষ্টরা।

সময়সীমা নির্ধারণ:

নির্দিষ্ট সময়ের মধ্যে আলোচনা শেষ করার লক্ষ্য নিয়ে এগোচ্ছে কমিশন। এরপর চূড়ান্ত প্রতিবেদন প্রকাশ করা হবে।

ইসি কোন নীতিমালায় মার্কা অন্তর্ভুক্ত
১ম পাতার পর

নিবন্ধিত রাজনৈতিক দলগুলোর প্রতীক বরাদ্দ নিয়ে প্রশ্ন উঠেছে। নির্বাচন কমিশন কোন নীতিমালার ভিত্তিতে প্রতীক অন্তর্ভুক্ত করেছে তা জানতে চেয়েছে দলগুলো।

কমিশনের কর্মকর্তারা বলছেন, বিদ্যমান বিধিমালা অনুযায়ী প্রতীক বরাদ্দ দেয়া হয়েছে। এ নিয়ে বিভ্রান্তির কোনো সুযোগ নেই।

তবে কয়েকটি দল বলছে, প্রতীক বরাদ্দে অসঙ্গতি রয়েছে। বিষয়টি পুনর্বিবেচনার জন্য কমিশনে আবেদন করা হয়েছে।

গণভোট নিয়ে যে সিদ্ধান্তই হোক
১ম পাতার পর

সরকারি সিদ্ধান্ত মেনে নেয়া হবে বলে জানিয়েছে দলগুলো। তবে গণভোট কবে কীভাবে হবে সে বিষয়ে স্পষ্ট ঘোষণা চেয়েছে তারা।

রাজনৈতিক বিশ্লেষকরা বলছেন, গণভোটের বিষয়ে সব পক্ষের মতামত নেয়া জরুরি। অন্যথায় বিতর্ক তৈরি হতে পারে।

বিএনপি অন্যায়ভাবে সরকারের ওপর
১ম পাতার পর

চাপ সৃষ্টি করছে বলে অভিযোগ করেছেন কয়েকটি দলের নেতারা। তারা বলেন, সরকারকে কাজ করার সুযোগ দেয়া উচিত।

এর জবাবে বিএনপি নেতারা বলেন, জনগণের দাবি তুলে ধরাই বিরোধী দলের কাজ। এটাকে চাপ সৃষ্টি বলা যাবে না।

তারা আরো বলেন, নির্বাচনের রোডম্যাপ ঘোষণা করলেই সব জল্পনা-কল্পনার অবসান হবে। জনগণ একটি গ্রহণযোগ্য নির্বাচন চায়।

রাজনৈতিক অঙ্গনে উত্তেজনা বাড়ছে বলে মনে করছেন পর্যবেক্ষকরা। তারা সংযম প্রদর্শনের আহ্বান জানিয়েছেন সব পক্ষকে।

সাধারণ মানুষ বলছেন, রাজনৈতিক স্থিতিশীলতা ছাড়া অর্থনীতি ঘুরে দাঁড়াবে না। তাই দ্রুত একটি সমাধানে পৌঁছানো দরকার।
